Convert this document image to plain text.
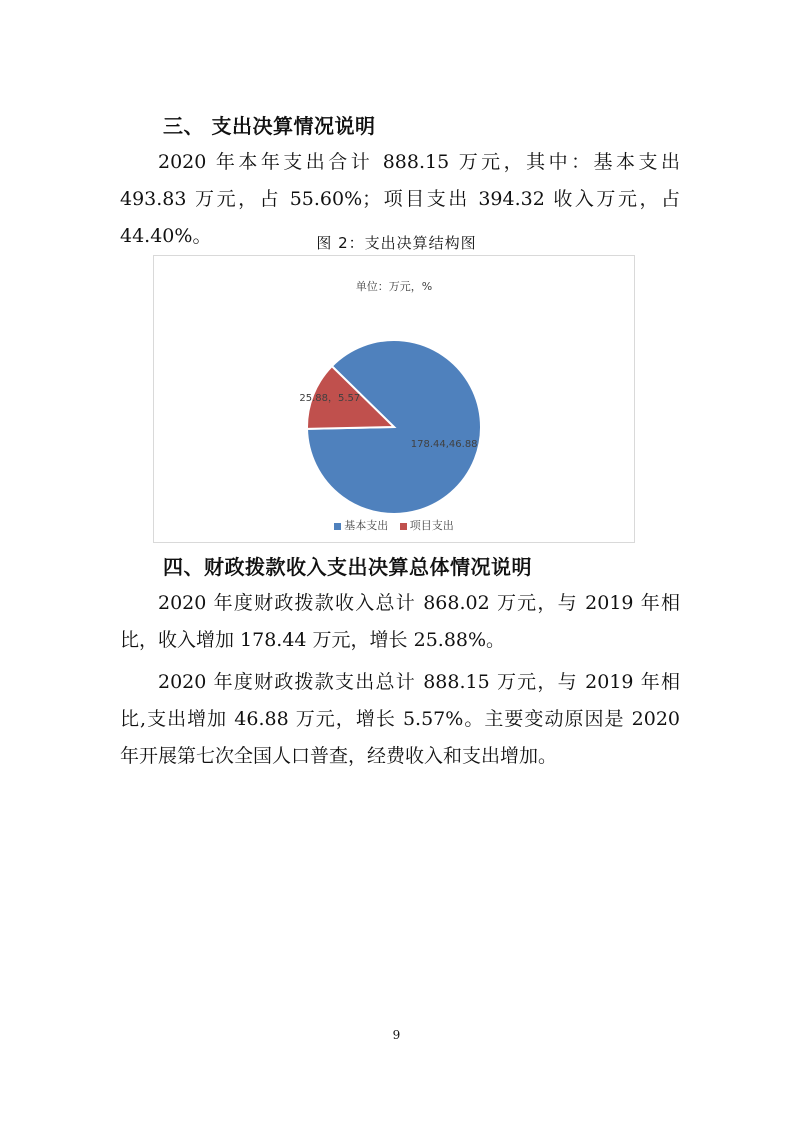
三、 支出决算情况说明

2020 年本年支出合计 888.15 万元，其中：基本支出 493.83 万元，占 55.60%；项目支出 394.32 收入万元，占 44.40%。	图 2：支出决算结构图
单位：万元，%
178.44,46.88
25.88，5.57
基本支出 项目支出
四、财政拨款收入支出决算总体情况说明

2020 年度财政拨款收入总计 868.02 万元，与 2019 年相比，收入增加 178.44 万元，增长 25.88%。

2020 年度财政拨款支出总计 888.15 万元，与 2019 年相比,支出增加 46.88 万元，增长 5.57%。主要变动原因是 2020 年开展第七次全国人口普查，经费收入和支出增加。

9
